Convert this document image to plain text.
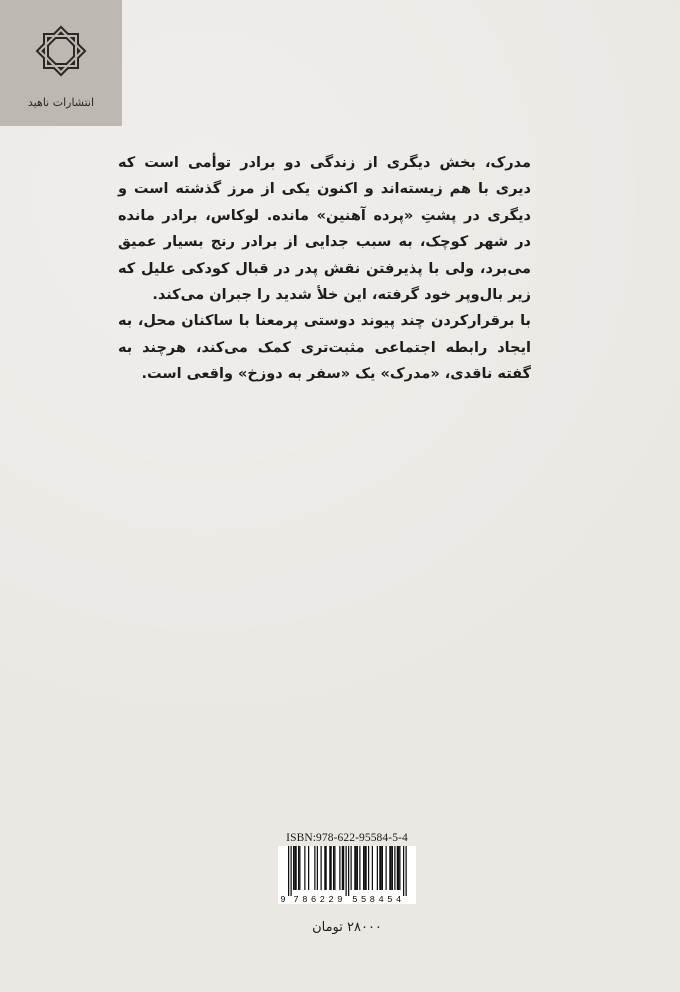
انتشارات ناهید

مدرک، بخش دیگری از زندگی دو برادر توأمی است که دیری با هم زیسته‌اند و اکنون یکی از مرز گذشته است و دیگری در پشتِ «پرده آهنین» مانده. لوکاس، برادر مانده در شهر کوچک، به سبب جدایی از برادر رنج بسیار عمیق می‌برد، ولی با پذیرفتن نقش پدر در قبال کودکی علیل که زیر بال‌وپر خود گرفته، این خلأ شدید را جبران می‌کند.

با برقرارکردن چند پیوند دوستی پرمعنا با ساکنان محل، به ایجاد رابطه اجتماعی مثبت‌تری کمک می‌کند، هرچند به گفته ناقدی، «مدرک» یک «سفر به دوزخ» واقعی است.

ISBN:978-622-95584-5-4
9 7 8 6 2 2 9 5 5 8 4 5 4
۲۸۰۰۰ تومان
